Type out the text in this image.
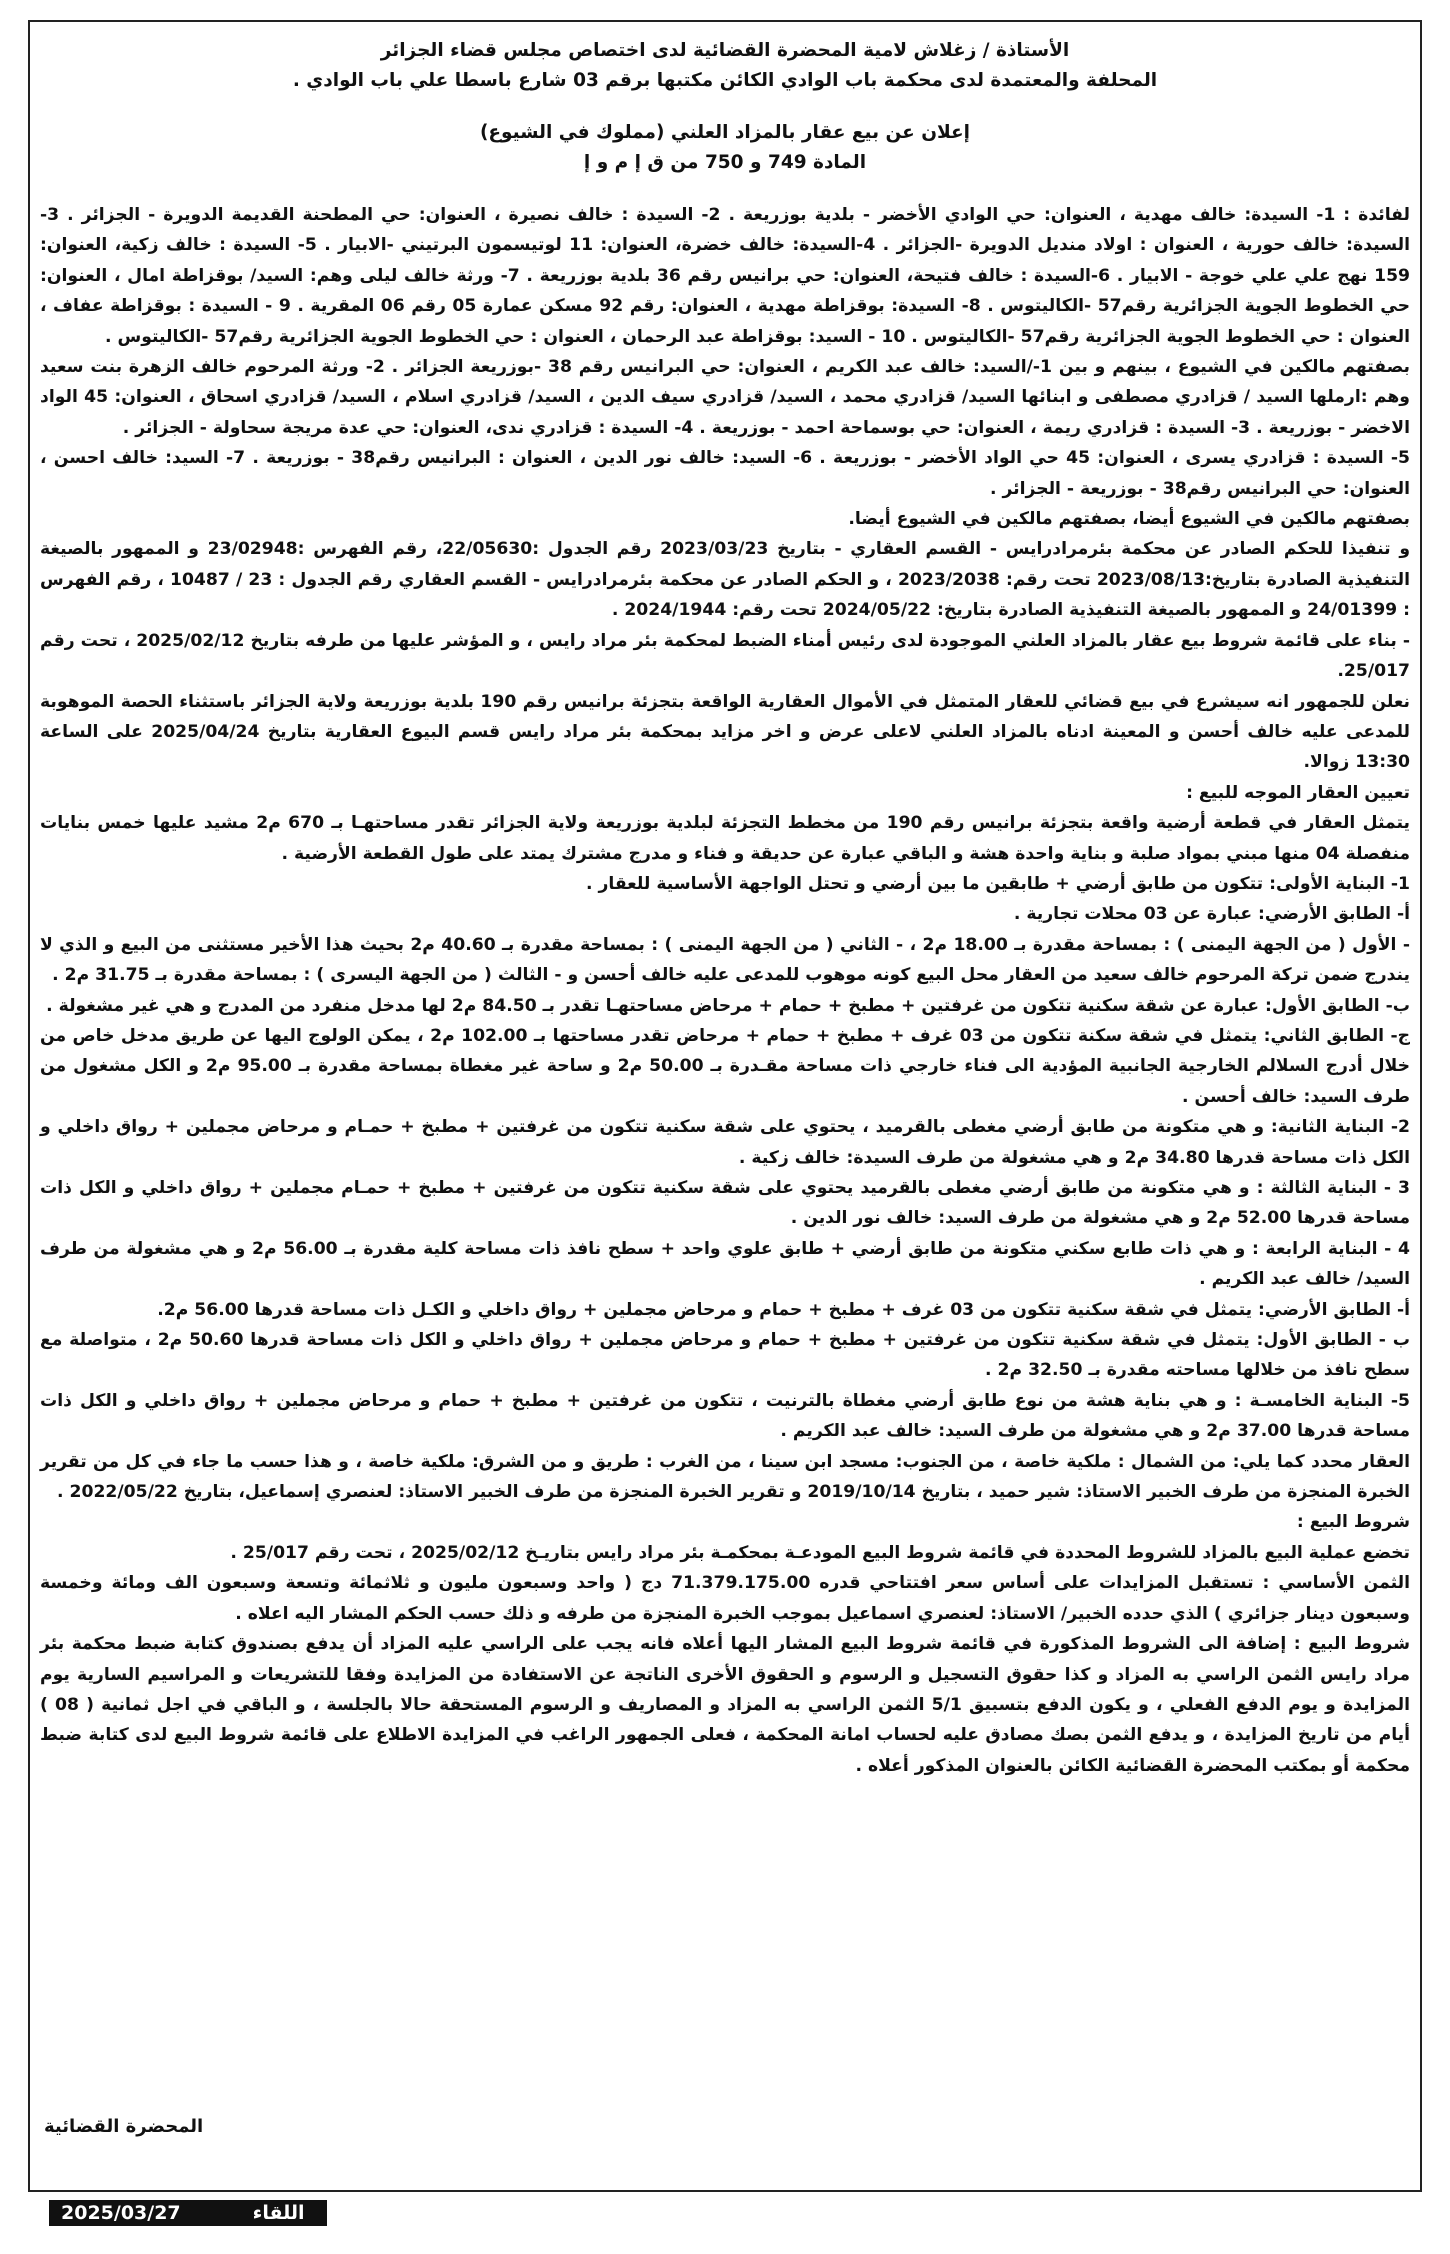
الأستاذة / زغلاش لامية المحضرة القضائية لدى اختصاص مجلس قضاء الجزائر

المحلفة والمعتمدة لدى محكمة باب الوادي الكائن مكتبها برقم 03 شارع باسطا علي باب الوادي .

إعلان عن بيع عقار بالمزاد العلني (مملوك في الشيوع)

المادة 749 و 750 من ق إ م و إ

لفائدة : 1- السيدة: خالف مهدية ، العنوان: حي الوادي الأخضر - بلدية بوزريعة . 2- السيدة : خالف نصيرة ، العنوان: حي المطحنة القديمة الدويرة - الجزائر . 3- السيدة: خالف حورية ، العنوان : اولاد منديل الدويرة -الجزائر . 4-السيدة: خالف خضرة، العنوان: 11 لوتيسمون البرتيني -الابيار . 5- السيدة : خالف زكية، العنوان: 159 نهج علي علي خوجة - الابيار . 6-السيدة : خالف فتيحة، العنوان: حي برانيس رقم 36 بلدية بوزريعة . 7- ورثة خالف ليلى وهم: السيد/ بوقزاطة امال ، العنوان: حي الخطوط الجوية الجزائرية رقم57 -الكاليتوس . 8- السيدة: بوقزاطة مهدية ، العنوان: رقم 92 مسكن عمارة 05 رقم 06 المقرية . 9 - السيدة : بوقزاطة عفاف ، العنوان : حي الخطوط الجوية الجزائرية رقم57 -الكاليتوس . 10 - السيد: بوقزاطة عبد الرحمان ، العنوان : حي الخطوط الجوية الجزائرية رقم57 -الكاليتوس .

بصفتهم مالكين في الشيوع ، بينهم و بين 1-/السيد: خالف عبد الكريم ، العنوان: حي البرانيس رقم 38 -بوزريعة الجزائر . 2- ورثة المرحوم خالف الزهرة بنت سعيد وهم :ارملها السيد / قزادري مصطفى و ابنائها السيد/ قزادري محمد ، السيد/ قزادري سيف الدين ، السيد/ قزادري اسلام ، السيد/ قزادري اسحاق ، العنوان: 45 الواد الاخضر - بوزريعة . 3- السيدة : قزادري ريمة ، العنوان: حي بوسماحة احمد - بوزريعة . 4- السيدة : قزادري ندى، العنوان: حي عدة مريجة سحاولة - الجزائر .

5- السيدة : قزادري يسرى ، العنوان: 45 حي الواد الأخضر - بوزريعة . 6- السيد: خالف نور الدين ، العنوان : البرانيس رقم38 - بوزريعة . 7- السيد: خالف احسن ، العنوان: حي البرانيس رقم38 - بوزريعة - الجزائر .

بصفتهم مالكين في الشيوع أيضا، بصفتهم مالكين في الشيوع أيضا.

و تنفيذا للحكم الصادر عن محكمة بئرمرادرايس - القسم العقاري - بتاريخ 2023/03/23 رقم الجدول :22/05630، رقم الفهرس :23/02948 و الممهور بالصيغة التنفيذية الصادرة بتاريخ:2023/08/13 تحت رقم: 2023/2038 ، و الحكم الصادر عن محكمة بئرمرادرايس - القسم العقاري رقم الجدول : 23 / 10487 ، رقم الفهرس : 24/01399 و الممهور بالصيغة التنفيذية الصادرة بتاريخ: 2024/05/22 تحت رقم: 2024/1944 .

- بناء على قائمة شروط بيع عقار بالمزاد العلني الموجودة لدى رئيس أمناء الضبط لمحكمة بئر مراد رايس ، و المؤشر عليها من طرفه بتاريخ 2025/02/12 ، تحت رقم 25/017.

نعلن للجمهور انه سيشرع في بيع قضائي للعقار المتمثل في الأموال العقارية الواقعة بتجزئة برانيس رقم 190 بلدية بوزريعة ولاية الجزائر باستثناء الحصة الموهوبة للمدعى عليه خالف أحسن و المعينة ادناه بالمزاد العلني لاعلى عرض و اخر مزايد بمحكمة بئر مراد رايس قسم البيوع العقارية بتاريخ 2025/04/24 على الساعة 13:30 زوالا.

تعيين العقار الموجه للبيع :

يتمثل العقار في قطعة أرضية واقعة بتجزئة برانيس رقم 190 من مخطط التجزئة لبلدية بوزريعة ولاية الجزائر تقدر مساحتهـا بـ 670 م2 مشيد عليها خمس بنايات منفصلة 04 منها مبني بمواد صلبة و بناية واحدة هشة و الباقي عبارة عن حديقة و فناء و مدرج مشترك يمتد على طول القطعة الأرضية .

1- البناية الأولى: تتكون من طابق أرضي + طابقين ما بين أرضي و تحتل الواجهة الأساسية للعقار .

أ- الطابق الأرضي: عبارة عن 03 محلات تجارية .

- الأول ( من الجهة اليمنى ) : بمساحة مقدرة بـ 18.00 م2 ، - الثاني ( من الجهة اليمنى ) : بمساحة مقدرة بـ 40.60 م2 بحيث هذا الأخير مستثنى من البيع و الذي لا يندرج ضمن تركة المرحوم خالف سعيد من العقار محل البيع كونه موهوب للمدعى عليه خالف أحسن و - الثالث ( من الجهة اليسرى ) : بمساحة مقدرة بـ 31.75 م2 .

ب- الطابق الأول: عبارة عن شقة سكنية تتكون من غرفتين + مطبخ + حمام + مرحاض مساحتهـا تقدر بـ 84.50 م2 لها مدخل منفرد من المدرج و هي غير مشغولة .

ج- الطابق الثاني: يتمثل في شقة سكنة تتكون من 03 غرف + مطبخ + حمام + مرحاض تقدر مساحتها بـ 102.00 م2 ، يمكن الولوج اليها عن طريق مدخل خاص من خلال أدرج السلالم الخارجية الجانبية المؤدية الى فناء خارجي ذات مساحة مقـدرة بـ 50.00 م2 و ساحة غير مغطاة بمساحة مقدرة بـ 95.00 م2 و الكل مشغول من طرف السيد: خالف أحسن .

2- البناية الثانية: و هي متكونة من طابق أرضي مغطى بالقرميد ، يحتوي على شقة سكنية تتكون من غرفتين + مطبخ + حمـام و مرحاض مجملين + رواق داخلي و الكل ذات مساحة قدرها 34.80 م2 و هي مشغولة من طرف السيدة: خالف زكية .

3 - البناية الثالثة : و هي متكونة من طابق أرضي مغطى بالقرميد يحتوي على شقة سكنية تتكون من غرفتين + مطبخ + حمـام مجملين + رواق داخلي و الكل ذات مساحة قدرها 52.00 م2 و هي مشغولة من طرف السيد: خالف نور الدين .

4 - البناية الرابعة : و هي ذات طابع سكني متكونة من طابق أرضي + طابق علوي واحد + سطح نافذ ذات مساحة كلية مقدرة بـ 56.00 م2 و هي مشغولة من طرف السيد/ خالف عبد الكريم .

أ- الطابق الأرضي: يتمثل في شقة سكنية تتكون من 03 غرف + مطبخ + حمام و مرحاض مجملين + رواق داخلي و الكـل ذات مساحة قدرها 56.00 م2.

ب - الطابق الأول: يتمثل في شقة سكنية تتكون من غرفتين + مطبخ + حمام و مرحاض مجملين + رواق داخلي و الكل ذات مساحة قدرها 50.60 م2 ، متواصلة مع سطح نافذ من خلالها مساحته مقدرة بـ 32.50 م2 .

5- البناية الخامسـة : و هي بناية هشة من نوع طابق أرضي مغطاة بالترنيت ، تتكون من غرفتين + مطبخ + حمام و مرحاض مجملين + رواق داخلي و الكل ذات مساحة قدرها 37.00 م2 و هي مشغولة من طرف السيد: خالف عبد الكريم .

العقار محدد كما يلي: من الشمال : ملكية خاصة ، من الجنوب: مسجد ابن سينا ، من الغرب : طريق و من الشرق: ملكية خاصة ، و هذا حسب ما جاء في كل من تقرير الخبرة المنجزة من طرف الخبير الاستاذ: شير حميد ، بتاريخ 2019/10/14 و تقرير الخبرة المنجزة من طرف الخبير الاستاذ: لعنصري إسماعيل، بتاريخ 2022/05/22 .

شروط البيع :

تخضع عملية البيع بالمزاد للشروط المحددة في قائمة شروط البيع المودعـة بمحكمـة بئر مراد رايس بتاريـخ 2025/02/12 ، تحت رقم 25/017 .

الثمن الأساسي : تستقبل المزايدات على أساس سعر افتتاحي قدره 71.379.175.00 دج ( واحد وسبعون مليون و ثلاثمائة وتسعة وسبعون الف ومائة وخمسة وسبعون دينار جزائري ) الذي حدده الخبير/ الاستاذ: لعنصري اسماعيل بموجب الخبرة المنجزة من طرفه و ذلك حسب الحكم المشار اليه اعلاه .

شروط البيع : إضافة الى الشروط المذكورة في قائمة شروط البيع المشار اليها أعلاه فانه يجب على الراسي عليه المزاد أن يدفع بصندوق كتابة ضبط محكمة بئر مراد رايس الثمن الراسي به المزاد و كذا حقوق التسجيل و الرسوم و الحقوق الأخرى الناتجة عن الاستفادة من المزايدة وفقا للتشريعات و المراسيم السارية يوم المزايدة و يوم الدفع الفعلي ، و يكون الدفع بتسبيق 5/1 الثمن الراسي به المزاد و المصاريف و الرسوم المستحقة حالا بالجلسة ، و الباقي في اجل ثمانية ( 08 ) أيام من تاريخ المزايدة ، و يدفع الثمن بصك مصادق عليه لحساب امانة المحكمة ، فعلى الجمهور الراغب في المزايدة الاطلاع على قائمة شروط البيع لدى كتابة ضبط محكمة أو بمكتب المحضرة القضائية الكائن بالعنوان المذكور أعلاه .

المحضرة القضائية
2025/03/27	اللقاء
